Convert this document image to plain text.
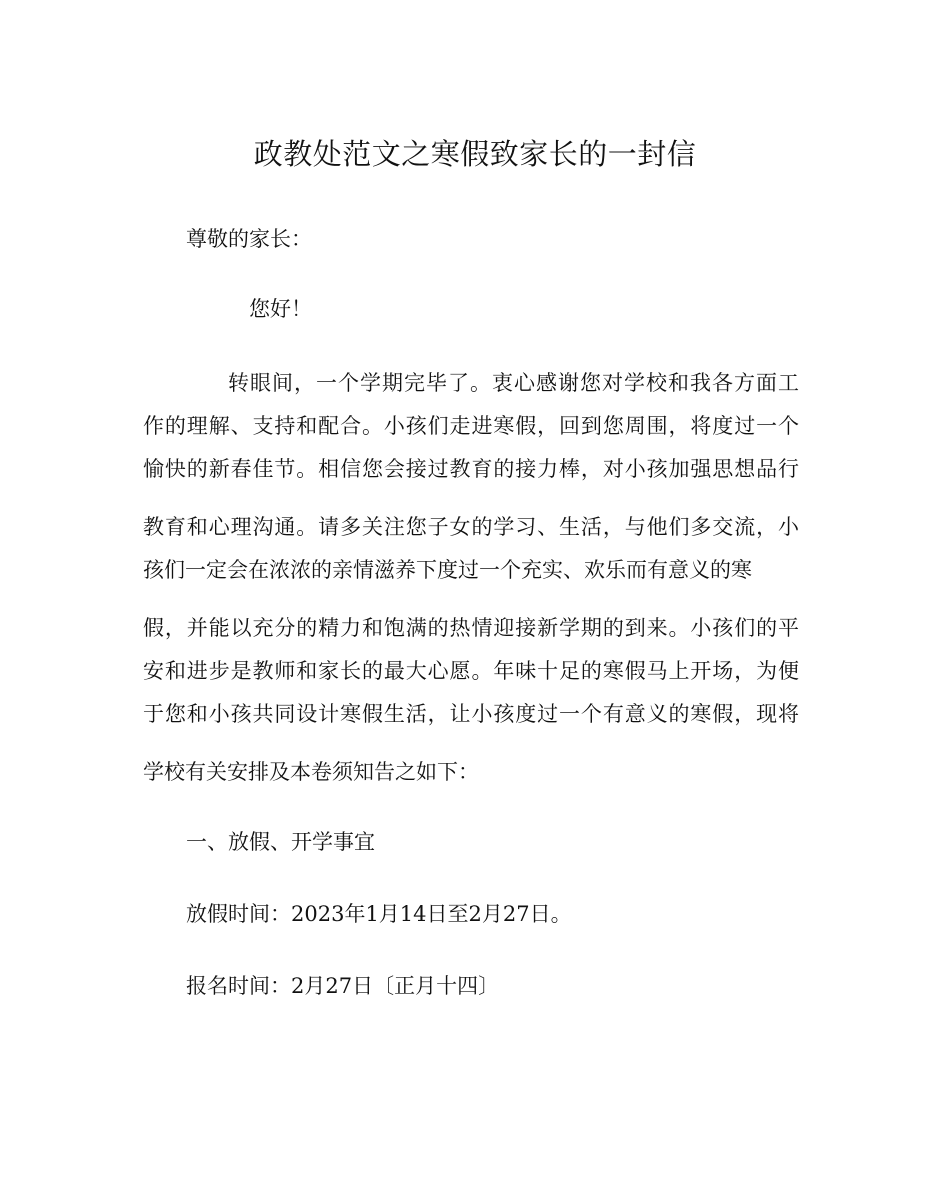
政教处范文之寒假致家长的一封信
尊敬的家长：
您好！
转眼间，一个学期完毕了。衷心感谢您对学校和我各方面工
作的理解、支持和配合。小孩们走进寒假，回到您周围，将度过一个
愉快的新春佳节。相信您会接过教育的接力棒，对小孩加强思想品行
教育和心理沟通。请多关注您子女的学习、生活，与他们多交流，小
孩们一定会在浓浓的亲情滋养下度过一个充实、欢乐而有意义的寒
假，并能以充分的精力和饱满的热情迎接新学期的到来。小孩们的平
安和进步是教师和家长的最大心愿。年味十足的寒假马上开场，为便
于您和小孩共同设计寒假生活，让小孩度过一个有意义的寒假，现将
学校有关安排及本卷须知告之如下：
一、放假、开学事宜
放假时间：2023年1月14日至2月27日。
报名时间：2月27日〔正月十四〕
